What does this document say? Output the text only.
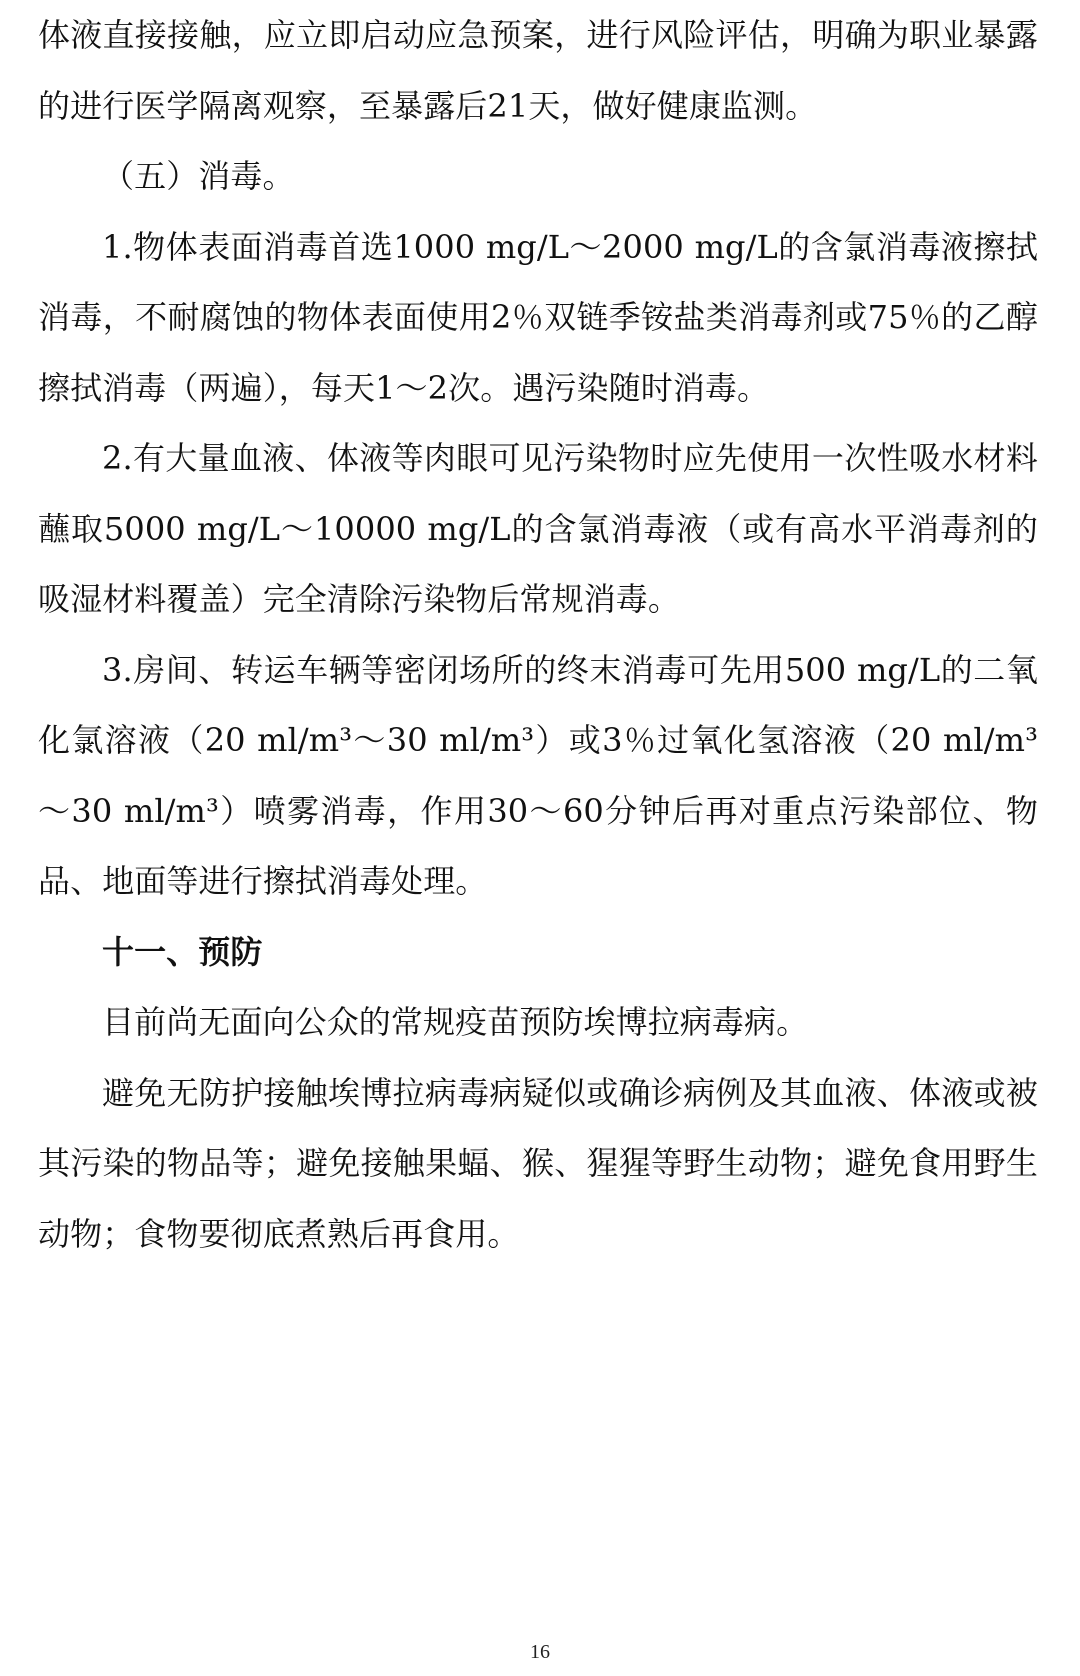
体液直接接触，应立即启动应急预案，进行风险评估，明确为职业暴露的进行医学隔离观察，至暴露后21天，做好健康监测。

（五）消毒。

1.物体表面消毒首选1000 mg/L～2000 mg/L的含氯消毒液擦拭消毒，不耐腐蚀的物体表面使用2％双链季铵盐类消毒剂或75％的乙醇擦拭消毒（两遍），每天1～2次。遇污染随时消毒。

2.有大量血液、体液等肉眼可见污染物时应先使用一次性吸水材料蘸取5000 mg/L～10000 mg/L的含氯消毒液（或有高水平消毒剂的吸湿材料覆盖）完全清除污染物后常规消毒。

3.房间、转运车辆等密闭场所的终末消毒可先用500 mg/L的二氧化氯溶液（20 ml/m³～30 ml/m³）或3％过氧化氢溶液（20 ml/m³～30 ml/m³）喷雾消毒，作用30～60分钟后再对重点污染部位、物品、地面等进行擦拭消毒处理。

十一、预防

目前尚无面向公众的常规疫苗预防埃博拉病毒病。

避免无防护接触埃博拉病毒病疑似或确诊病例及其血液、体液或被其污染的物品等；避免接触果蝠、猴、猩猩等野生动物；避免食用野生动物；食物要彻底煮熟后再食用。

16
